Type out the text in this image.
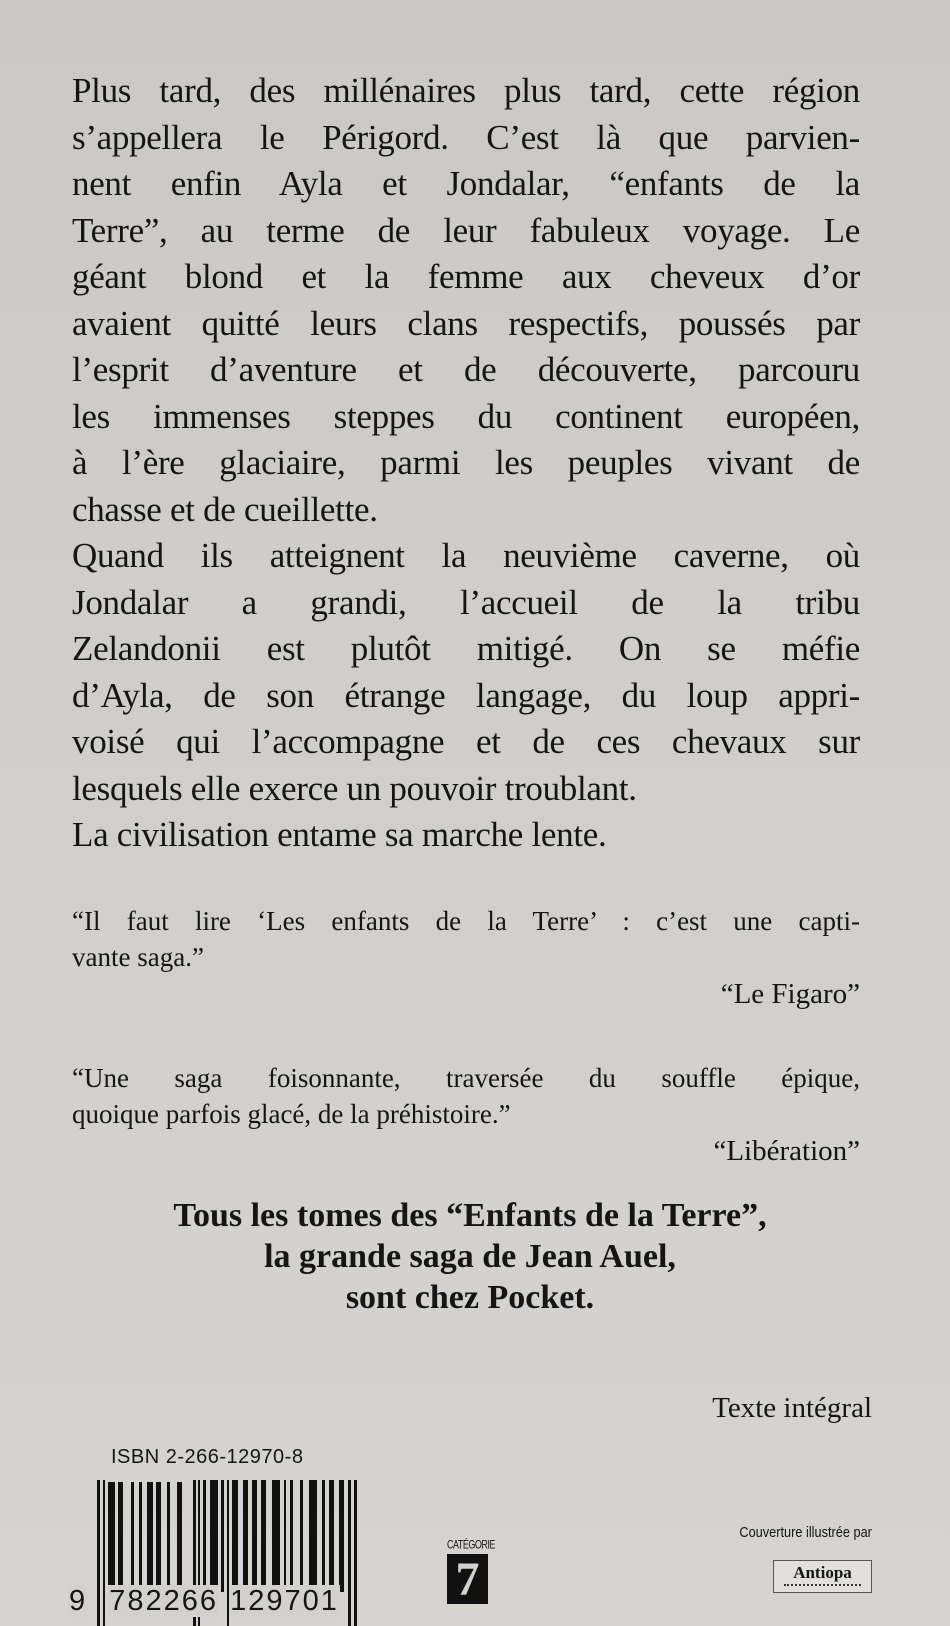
Plus tard, des millénaires plus tard, cette région
s’appellera le Périgord. C’est là que parvien-
nent enfin Ayla et Jondalar, “enfants de la
Terre”, au terme de leur fabuleux voyage. Le
géant blond et la femme aux cheveux d’or
avaient quitté leurs clans respectifs, poussés par
l’esprit d’aventure et de découverte, parcouru
les immenses steppes du continent européen,
à l’ère glaciaire, parmi les peuples vivant de
chasse et de cueillette.
Quand ils atteignent la neuvième caverne, où
Jondalar a grandi, l’accueil de la tribu
Zelandonii est plutôt mitigé. On se méfie
d’Ayla, de son étrange langage, du loup appri-
voisé qui l’accompagne et de ces chevaux sur
lesquels elle exerce un pouvoir troublant.
La civilisation entame sa marche lente.
“Il faut lire ‘Les enfants de la Terre’ : c’est une capti-
vante saga.”
“Le Figaro”
“Une saga foisonnante, traversée du souffle épique,
quoique parfois glacé, de la préhistoire.”
“Libération”
Tous les tomes des “Enfants de la Terre”,
la grande saga de Jean Auel,
sont chez Pocket.
Texte intégral
ISBN 2-266-12970-8
9 782266 129701
CATÉGORIE
7
Couverture illustrée par
Antiopa
